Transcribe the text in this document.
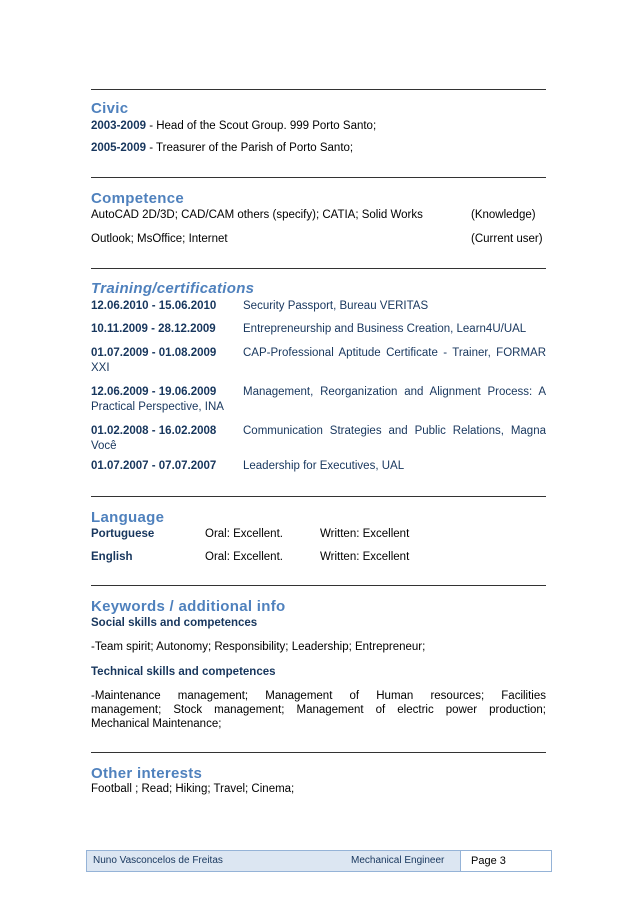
Civic
2003-2009 - Head of the Scout Group. 999 Porto Santo;
2005-2009 - Treasurer of the Parish of Porto Santo;
Competence
AutoCAD 2D/3D; CAD/CAM others (specify); CATIA; Solid Works	(Knowledge)
Outlook; MsOffice; Internet	(Current user)
Training/certifications
12.06.2010 - 15.06.2010 Security Passport, Bureau VERITAS
10.11.2009 - 28.12.2009 Entrepreneurship and Business Creation, Learn4U/UAL
01.07.2009 - 01.08.2009 CAP-Professional Aptitude Certificate - Trainer, FORMAR
XXI
12.06.2009 - 19.06.2009 Management, Reorganization and Alignment Process: A
Practical Perspective, INA
01.02.2008 - 16.02.2008 Communication Strategies and Public Relations, Magna
Você
01.07.2007 - 07.07.2007 Leadership for Executives, UAL
Language
Portuguese	Oral: Excellent.	Written: Excellent
English	Oral: Excellent.	Written: Excellent
Keywords / additional info
Social skills and competences
-Team spirit; Autonomy; Responsibility; Leadership; Entrepreneur;
Technical skills and competences
-Maintenance management; Management of Human resources; Facilities
management; Stock management; Management of electric power production;
Mechanical Maintenance;
Other interests
Football ; Read; Hiking; Travel; Cinema;
Nuno Vasconcelos de Freitas	Mechanical Engineer Page 3
